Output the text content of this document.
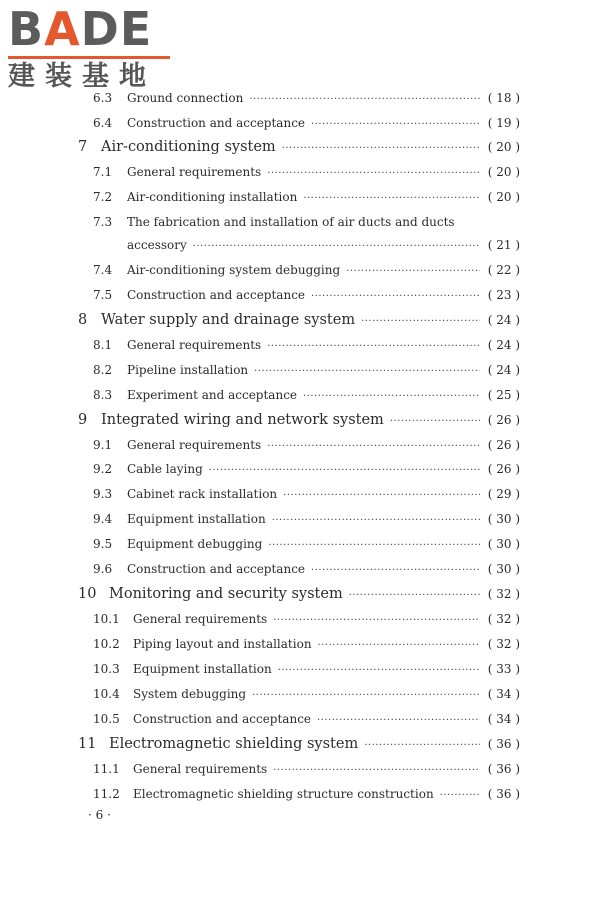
BADE
建装基地
6.3	Ground connection ·····	( 18 )
6.4	Construction and acceptance ·····	( 19 )
7 Air-conditioning system ·····	( 20 )
7.1	General requirements ·····	( 20 )
7.2	Air-conditioning installation ·····	( 20 )
7.3	The fabrication and installation of air ducts and ducts
accessory ·····	( 21 )
7.4	Air-conditioning system debugging ·····	( 22 )
7.5	Construction and acceptance ·····	( 23 )
8 Water supply and drainage system ·····	( 24 )
8.1	General requirements ·····	( 24 )
8.2	Pipeline installation ·····	( 24 )
8.3	Experiment and acceptance ·····	( 25 )
9 Integrated wiring and network system ·····	( 26 )
9.1	General requirements ·····	( 26 )
9.2	Cable laying ·····	( 26 )
9.3	Cabinet rack installation ·····	( 29 )
9.4	Equipment installation ·····	( 30 )
9.5	Equipment debugging ·····	( 30 )
9.6	Construction and acceptance ·····	( 30 )
10 Monitoring and security system ·····	( 32 )
10.1	General requirements ·····	( 32 )
10.2	Piping layout and installation ·····	( 32 )
10.3	Equipment installation ·····	( 33 )
10.4	System debugging ·····	( 34 )
10.5	Construction and acceptance ·····	( 34 )
11 Electromagnetic shielding system ·····	( 36 )
11.1	General requirements ·····	( 36 )
11.2	Electromagnetic shielding structure construction ·····	( 36 )
· 6 ·
